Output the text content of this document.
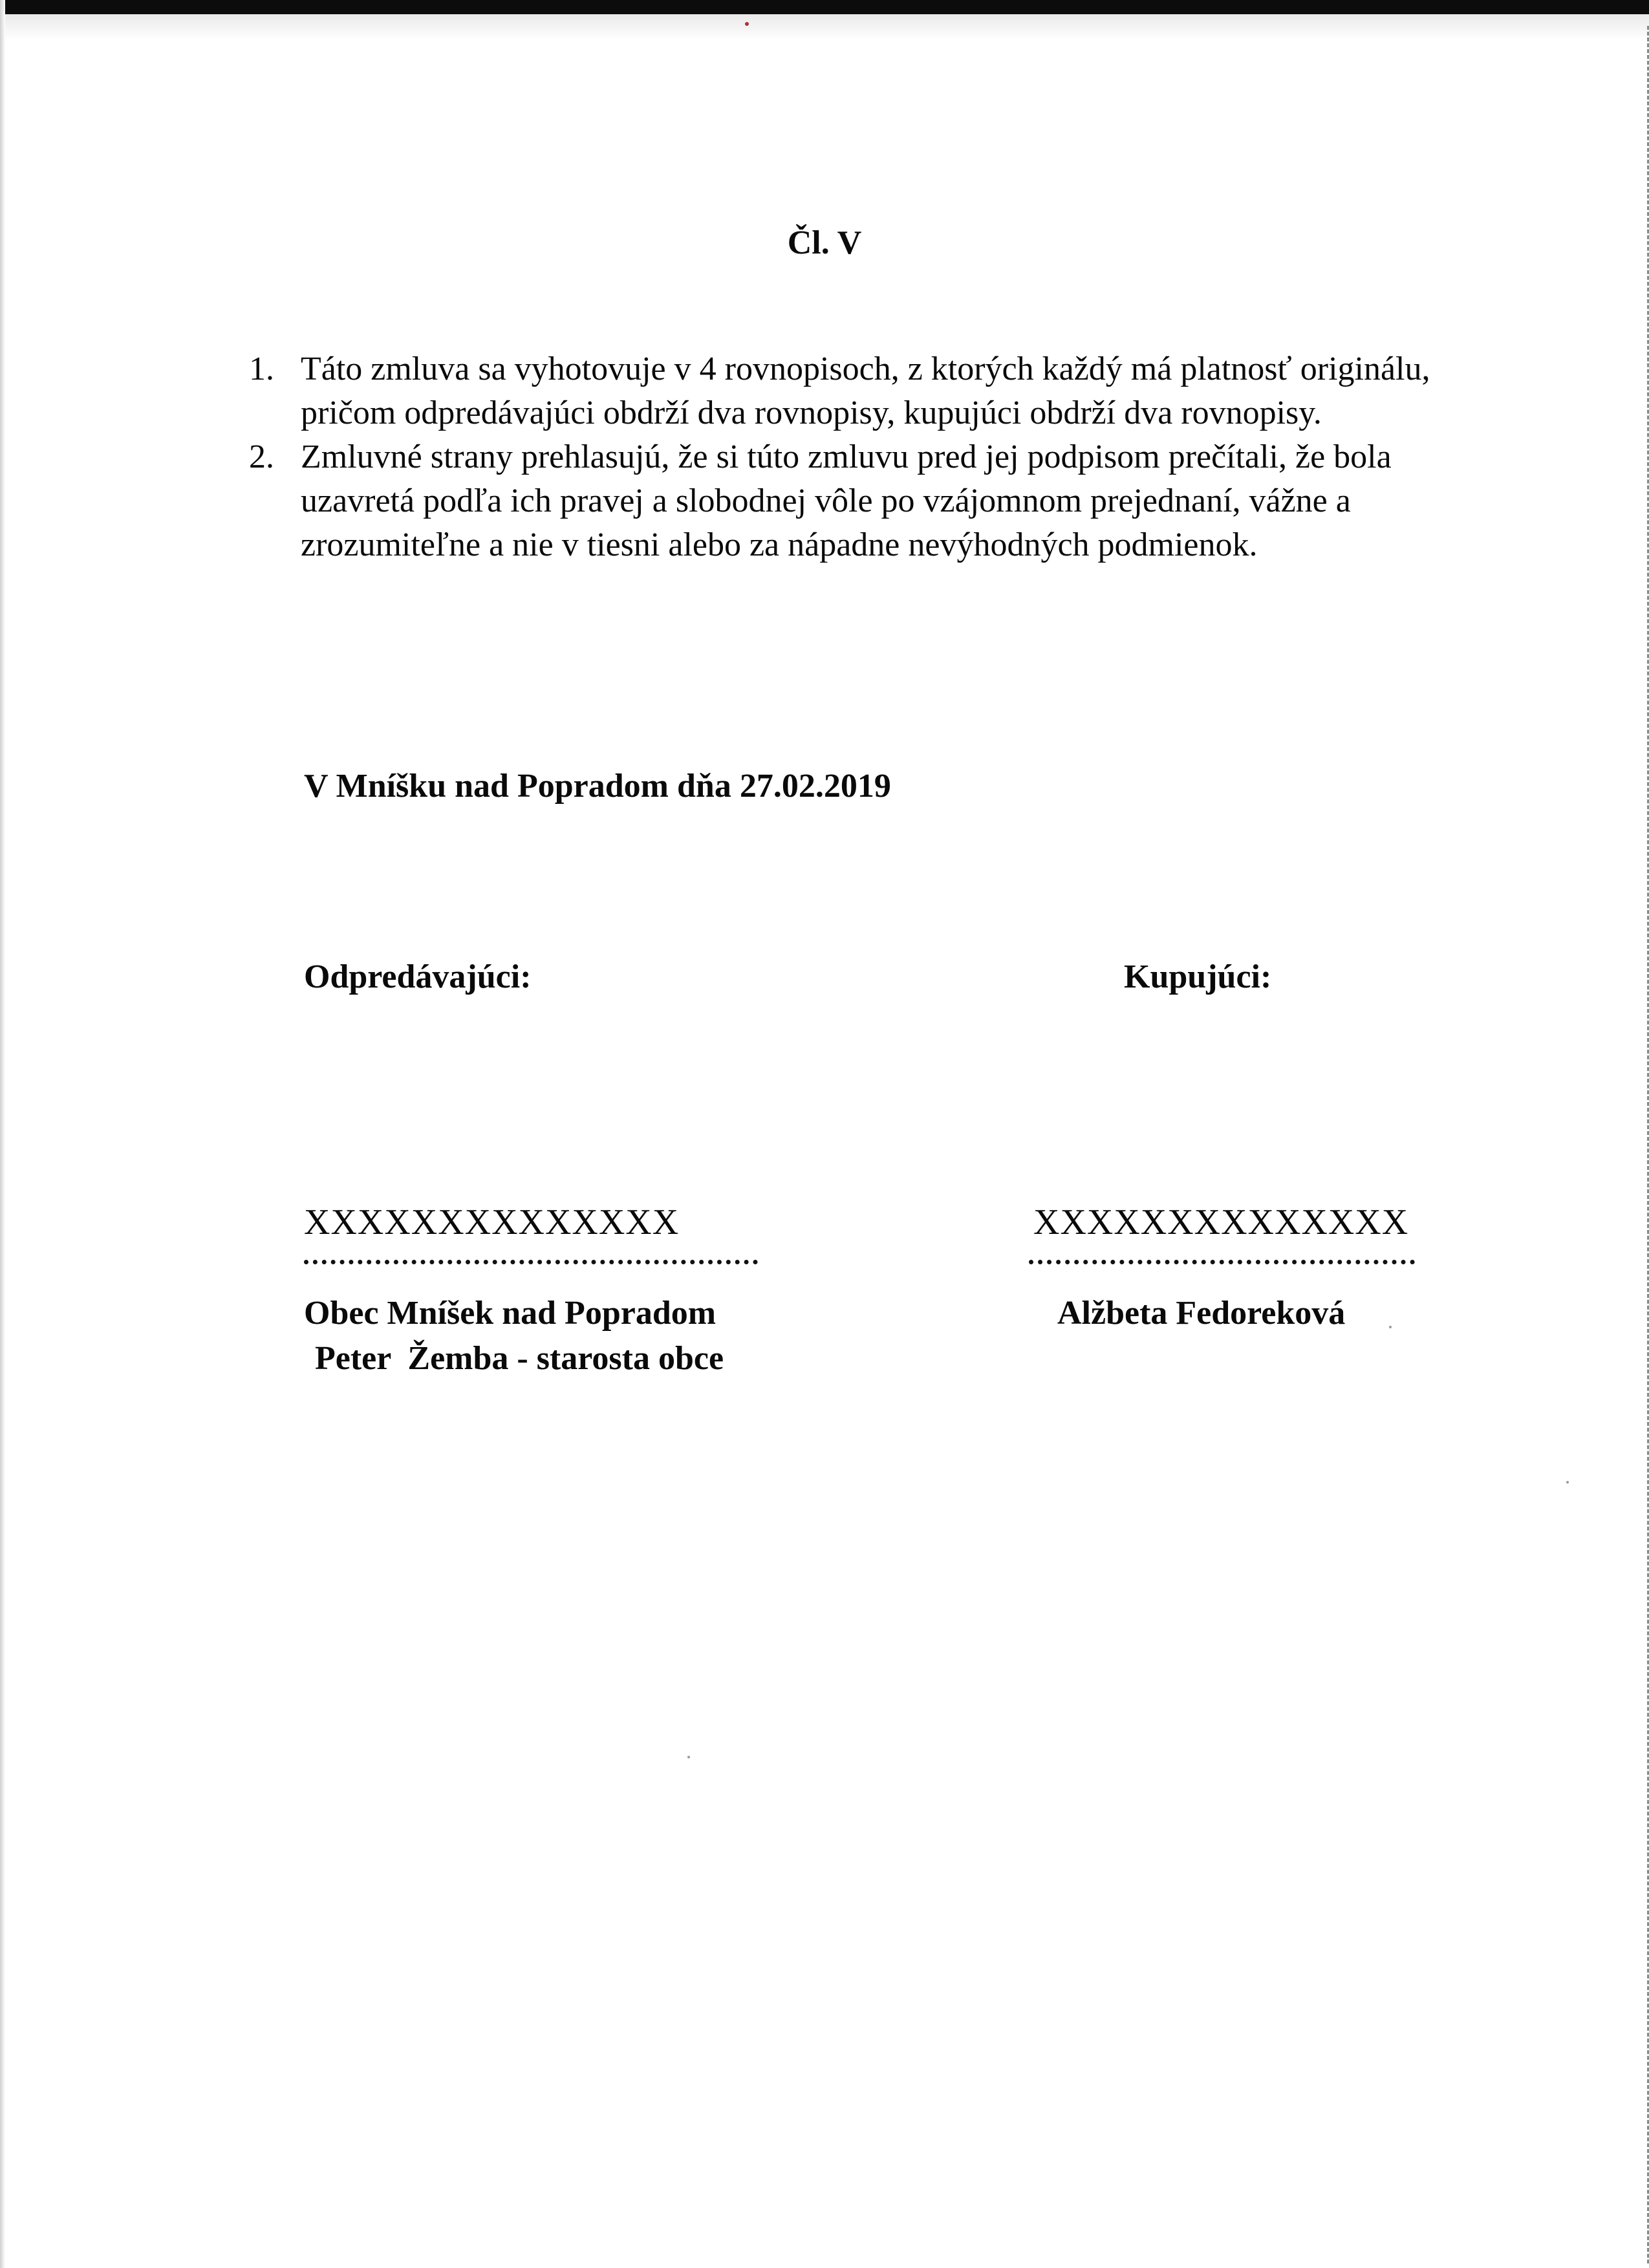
Čl. V
1. Táto zmluva sa vyhotovuje v 4 rovnopisoch, z ktorých každý má platnosť originálu, pričom odpredávajúci obdrží dva rovnopisy, kupujúci obdrží dva rovnopisy.
2. Zmluvné strany prehlasujú, že si túto zmluvu pred jej podpisom prečítali, že bola uzavretá podľa ich pravej a slobodnej vôle po vzájomnom prejednaní, vážne a zrozumiteľne a nie v tiesni alebo za nápadne nevýhodných podmienok.
V Mníšku nad Popradom dňa 27.02.2019
Odpredávajúci:	Kupujúci:
XXXXXXXXXXXXXX	XXXXXXXXXXXXXX
Obec Mníšek nad Popradom
Peter  Žemba - starosta obce
Alžbeta Fedoreková
